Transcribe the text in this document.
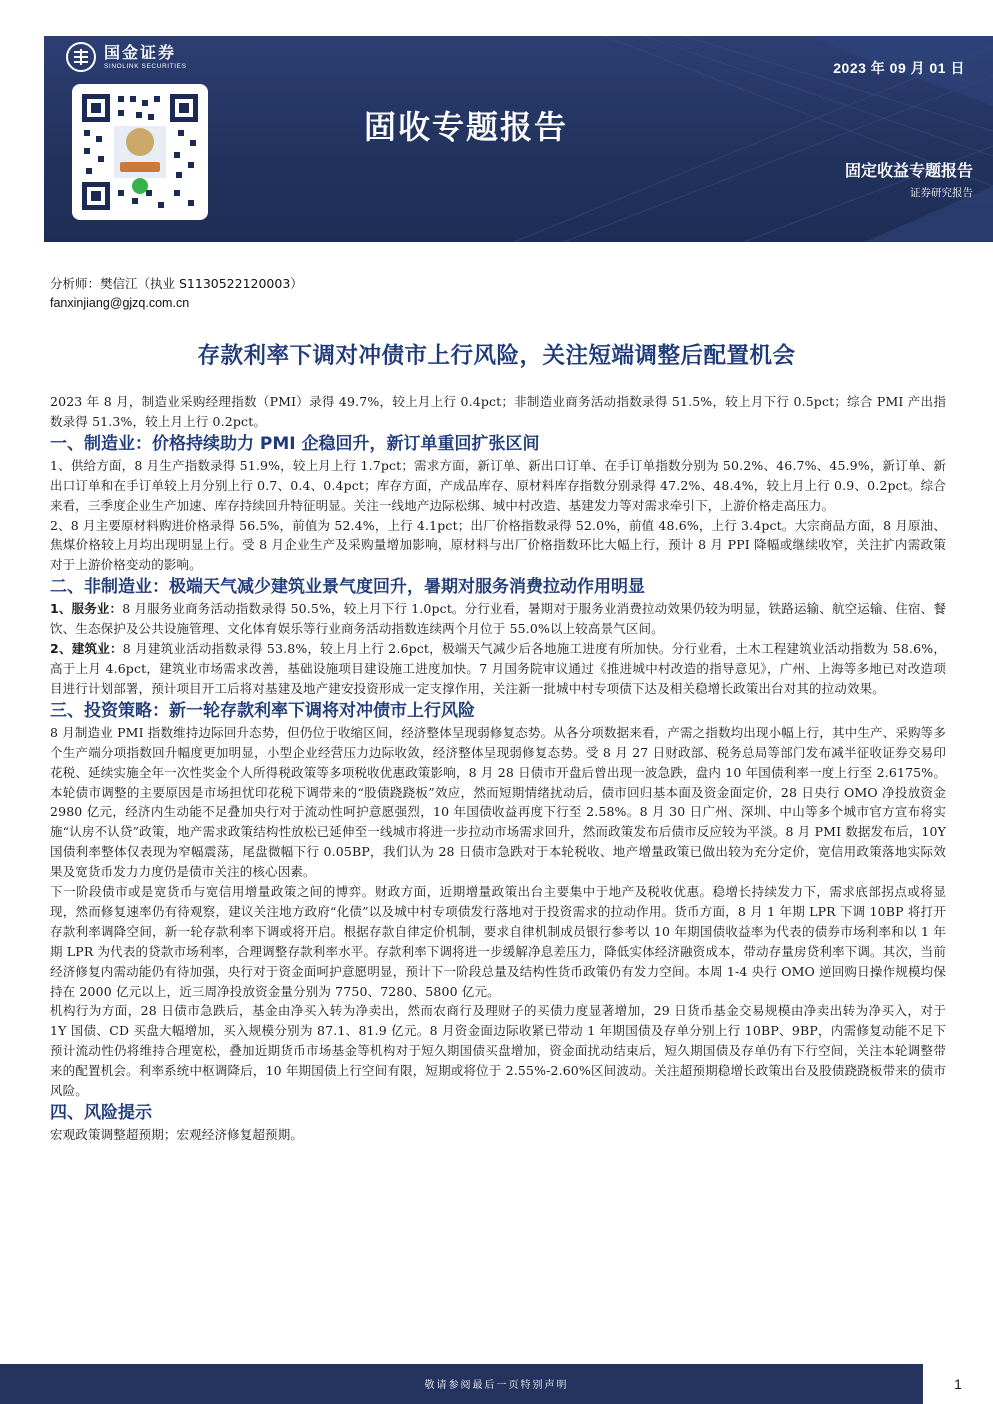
国金证券
SINOLINK SECURITIES	2023 年 09 月 01 日
固收专题报告
固定收益专题报告
证券研究报告
分析师：樊信江（执业 S1130522120003）
fanxinjiang@gjzq.com.cn
存款利率下调对冲债市上行风险，关注短端调整后配置机会

2023 年 8 月，制造业采购经理指数（PMI）录得 49.7%，较上月上行 0.4pct；非制造业商务活动指数录得 51.5%，较上月下行 0.5pct；综合 PMI 产出指数录得 51.3%，较上月上行 0.2pct。

一、制造业：价格持续助力 PMI 企稳回升，新订单重回扩张区间

1、供给方面，8 月生产指数录得 51.9%，较上月上行 1.7pct；需求方面，新订单、新出口订单、在手订单指数分别为 50.2%、46.7%、45.9%，新订单、新出口订单和在手订单较上月分别上行 0.7、0.4、0.4pct；库存方面，产成品库存、原材料库存指数分别录得 47.2%、48.4%，较上月上行 0.9、0.2pct。综合来看，三季度企业生产加速、库存持续回升特征明显。关注一线地产边际松绑、城中村改造、基建发力等对需求牵引下，上游价格走高压力。

2、8 月主要原材料购进价格录得 56.5%，前值为 52.4%，上行 4.1pct；出厂价格指数录得 52.0%，前值 48.6%，上行 3.4pct。大宗商品方面，8 月原油、焦煤价格较上月均出现明显上行。受 8 月企业生产及采购量增加影响，原材料与出厂价格指数环比大幅上行，预计 8 月 PPI 降幅或继续收窄，关注扩内需政策对于上游价格变动的影响。

二、非制造业：极端天气减少建筑业景气度回升，暑期对服务消费拉动作用明显

1、服务业：8 月服务业商务活动指数录得 50.5%，较上月下行 1.0pct。分行业看，暑期对于服务业消费拉动效果仍较为明显，铁路运输、航空运输、住宿、餐饮、生态保护及公共设施管理、文化体育娱乐等行业商务活动指数连续两个月位于 55.0%以上较高景气区间。

2、建筑业：8 月建筑业活动指数录得 53.8%，较上月上行 2.6pct，极端天气减少后各地施工进度有所加快。分行业看，土木工程建筑业活动指数为 58.6%，高于上月 4.6pct，建筑业市场需求改善，基础设施项目建设施工进度加快。7 月国务院审议通过《推进城中村改造的指导意见》，广州、上海等多地已对改造项目进行计划部署，预计项目开工后将对基建及地产建安投资形成一定支撑作用，关注新一批城中村专项债下达及相关稳增长政策出台对其的拉动效果。

三、投资策略：新一轮存款利率下调将对冲债市上行风险

8 月制造业 PMI 指数维持边际回升态势，但仍位于收缩区间，经济整体呈现弱修复态势。从各分项数据来看，产需之指数均出现小幅上行，其中生产、采购等多个生产端分项指数回升幅度更加明显，小型企业经营压力边际收敛，经济整体呈现弱修复态势。受 8 月 27 日财政部、税务总局等部门发布减半征收证券交易印花税、延续实施全年一次性奖金个人所得税政策等多项税收优惠政策影响，8 月 28 日债市开盘后曾出现一波急跌，盘内 10 年国债利率一度上行至 2.6175%。本轮债市调整的主要原因是市场担忧印花税下调带来的“股债跷跷板”效应，然而短期情绪扰动后，债市回归基本面及资金面定价，28 日央行 OMO 净投放资金 2980 亿元，经济内生动能不足叠加央行对于流动性呵护意愿强烈，10 年国债收益再度下行至 2.58%。8 月 30 日广州、深圳、中山等多个城市官方宣布将实施“认房不认贷”政策，地产需求政策结构性放松已延伸至一线城市将进一步拉动市场需求回升，然而政策发布后债市反应较为平淡。8 月 PMI 数据发布后，10Y 国债利率整体仅表现为窄幅震荡，尾盘微幅下行 0.05BP，我们认为 28 日债市急跌对于本轮税收、地产增量政策已做出较为充分定价，宽信用政策落地实际效果及宽货币发力力度仍是债市关注的核心因素。

下一阶段债市或是宽货币与宽信用增量政策之间的博弈。财政方面，近期增量政策出台主要集中于地产及税收优惠。稳增长持续发力下，需求底部拐点或将显现，然而修复速率仍有待观察，建议关注地方政府“化债”以及城中村专项债发行落地对于投资需求的拉动作用。货币方面，8 月 1 年期 LPR 下调 10BP 将打开存款利率调降空间，新一轮存款利率下调或将开启。根据存款自律定价机制，要求自律机制成员银行参考以 10 年期国债收益率为代表的债券市场利率和以 1 年期 LPR 为代表的贷款市场利率，合理调整存款利率水平。存款利率下调将进一步缓解净息差压力，降低实体经济融资成本，带动存量房贷利率下调。其次，当前经济修复内需动能仍有待加强，央行对于资金面呵护意愿明显，预计下一阶段总量及结构性货币政策仍有发力空间。本周 1-4 央行 OMO 逆回购日操作规模均保持在 2000 亿元以上，近三周净投放资金量分别为 7750、7280、5800 亿元。

机构行为方面，28 日债市急跌后，基金由净买入转为净卖出，然而农商行及理财子的买债力度显著增加，29 日货币基金交易规模由净卖出转为净买入，对于 1Y 国债、CD 买盘大幅增加，买入规模分别为 87.1、81.9 亿元。8 月资金面边际收紧已带动 1 年期国债及存单分别上行 10BP、9BP，内需修复动能不足下预计流动性仍将维持合理宽松，叠加近期货币市场基金等机构对于短久期国债买盘增加，资金面扰动结束后，短久期国债及存单仍有下行空间，关注本轮调整带来的配置机会。利率系统中枢调降后，10 年期国债上行空间有限，短期或将位于 2.55%-2.60%区间波动。关注超预期稳增长政策出台及股债跷跷板带来的债市风险。

四、风险提示

宏观政策调整超预期；宏观经济修复超预期。

敬请参阅最后一页特别声明	1
